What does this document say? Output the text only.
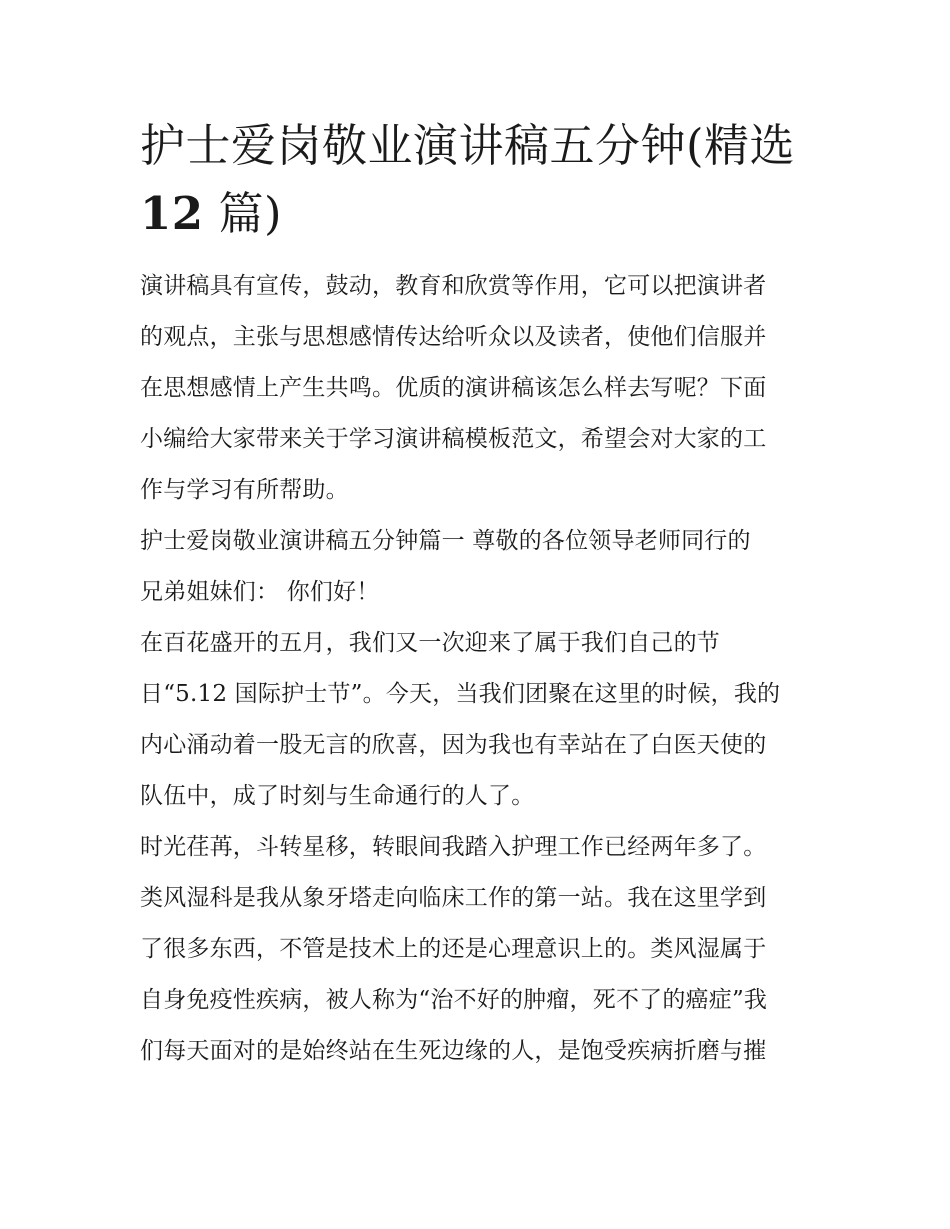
护士爱岗敬业演讲稿五分钟(精选
12 篇)

演讲稿具有宣传，鼓动，教育和欣赏等作用，它可以把演讲者
的观点，主张与思想感情传达给听众以及读者，使他们信服并
在思想感情上产生共鸣。优质的演讲稿该怎么样去写呢？下面
小编给大家带来关于学习演讲稿模板范文，希望会对大家的工
作与学习有所帮助。

护士爱岗敬业演讲稿五分钟篇一 尊敬的各位领导老师同行的
兄弟姐妹们： 你们好！

在百花盛开的五月，我们又一次迎来了属于我们自己的节
日“5.12 国际护士节”。今天，当我们团聚在这里的时候，我的
内心涌动着一股无言的欣喜，因为我也有幸站在了白医天使的
队伍中，成了时刻与生命通行的人了。

时光荏苒，斗转星移，转眼间我踏入护理工作已经两年多了。
类风湿科是我从象牙塔走向临床工作的第一站。我在这里学到
了很多东西，不管是技术上的还是心理意识上的。类风湿属于
自身免疫性疾病，被人称为“治不好的肿瘤，死不了的癌症”我
们每天面对的是始终站在生死边缘的人，是饱受疾病折磨与摧
